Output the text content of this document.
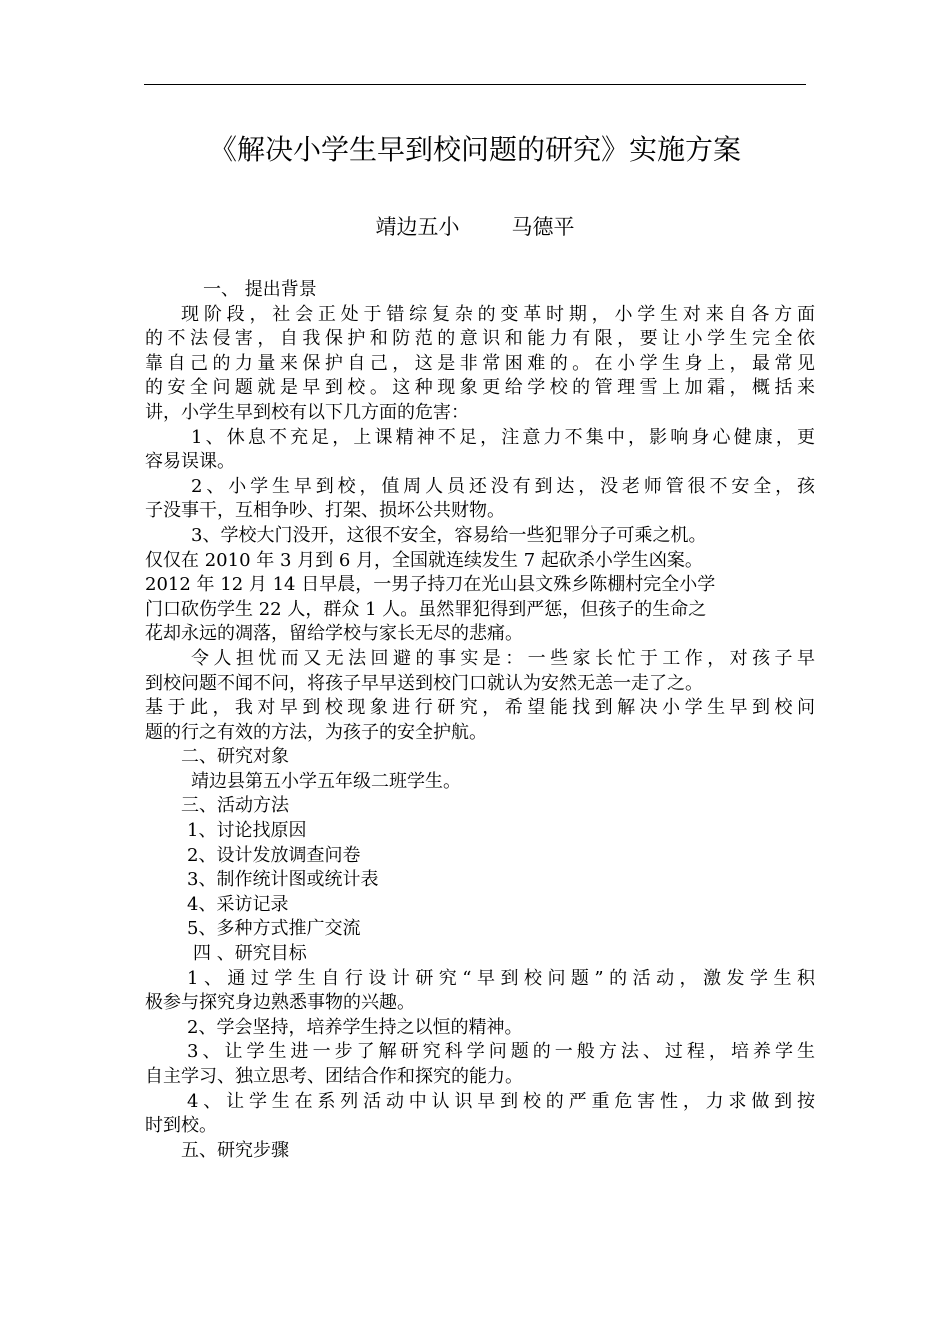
《解决小学生早到校问题的研究》实施方案
靖边五小 马德平

一、 提出背景

现阶段，社会正处于错综复杂的变革时期，小学生对来自各方面

的不法侵害，自我保护和防范的意识和能力有限，要让小学生完全依

靠自己的力量来保护自己，这是非常困难的。在小学生身上，最常见

的安全问题就是早到校。这种现象更给学校的管理雪上加霜，概括来

讲，小学生早到校有以下几方面的危害：

1、休息不充足，上课精神不足，注意力不集中，影响身心健康，更

容易误课。

2、小学生早到校，值周人员还没有到达，没老师管很不安全，孩

子没事干，互相争吵、打架、损坏公共财物。

3、学校大门没开，这很不安全，容易给一些犯罪分子可乘之机。

仅仅在 2010 年 3 月到 6 月，全国就连续发生 7 起砍杀小学生凶案。

2012 年 12 月 14 日早晨，一男子持刀在光山县文殊乡陈棚村完全小学

门口砍伤学生 22 人，群众 1 人。虽然罪犯得到严惩，但孩子的生命之

花却永远的凋落，留给学校与家长无尽的悲痛。

令人担忧而又无法回避的事实是：一些家长忙于工作，对孩子早

到校问题不闻不问，将孩子早早送到校门口就认为安然无恙一走了之。

基于此，我对早到校现象进行研究，希望能找到解决小学生早到校问

题的行之有效的方法，为孩子的安全护航。

二、研究对象

靖边县第五小学五年级二班学生。

三、活动方法

1、讨论找原因

2、设计发放调查问卷

3、制作统计图或统计表

4、采访记录

5、多种方式推广交流

四 、研究目标

1、通过学生自行设计研究“早到校问题”的活动，激发学生积

极参与探究身边熟悉事物的兴趣。

2、学会坚持，培养学生持之以恒的精神。

3、让学生进一步了解研究科学问题的一般方法、过程，培养学生

自主学习、独立思考、团结合作和探究的能力。

4、让学生在系列活动中认识早到校的严重危害性，力求做到按

时到校。

五、研究步骤
